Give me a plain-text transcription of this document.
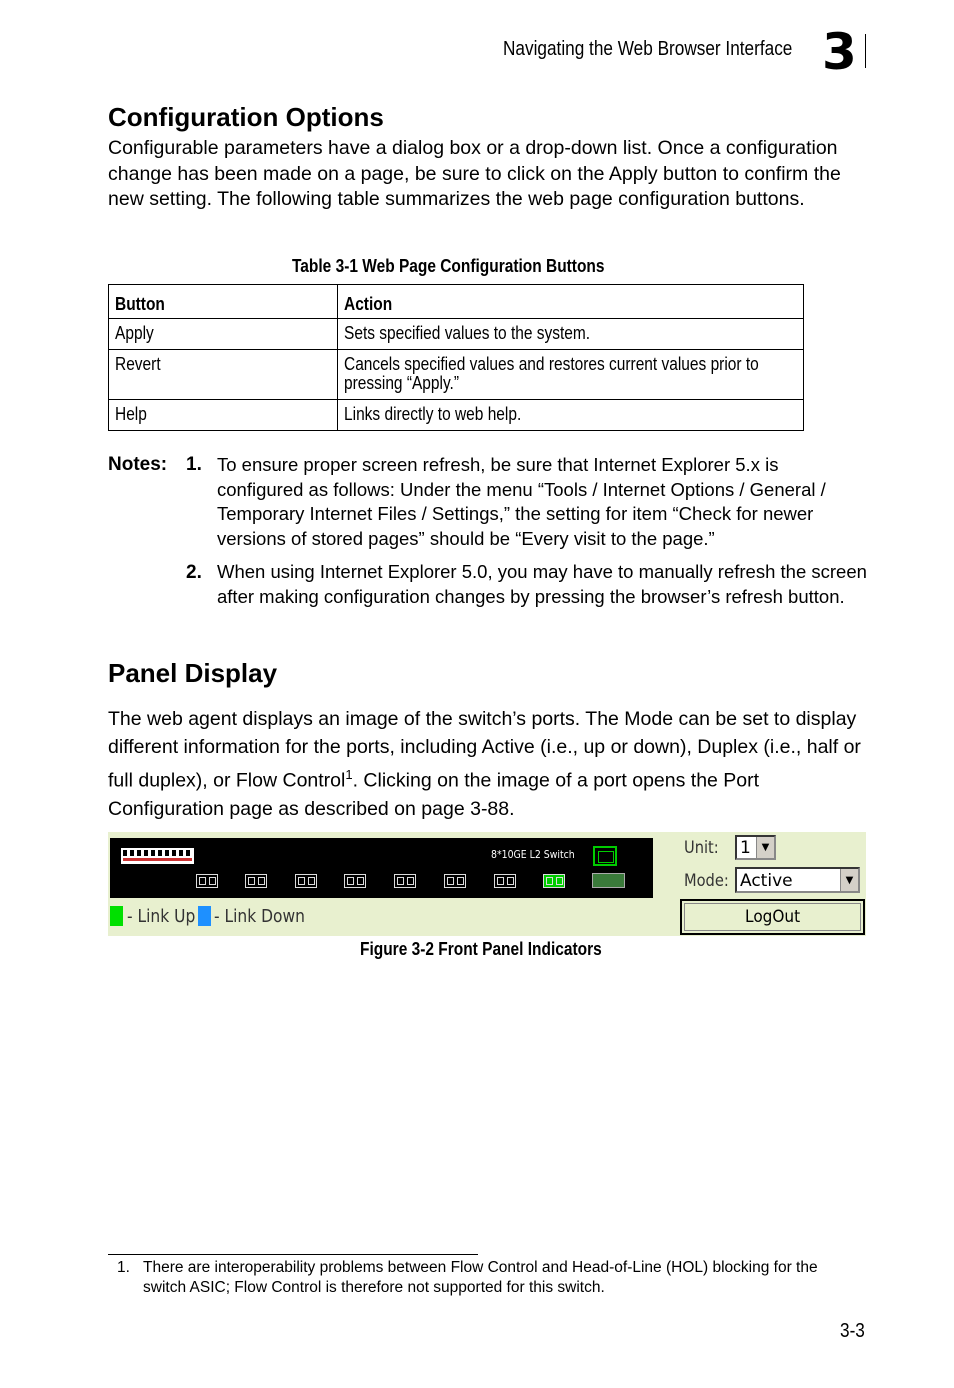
Navigating the Web Browser Interface 3
Configuration Options
Configurable parameters have a dialog box or a drop-down list. Once a configuration change has been made on a page, be sure to click on the Apply button to confirm the new setting. The following table summarizes the web page configuration buttons.
Table 3-1 Web Page Configuration Buttons
Button	Action

Apply	Sets specified values to the system.

Revert	Cancels specified values and restores current values prior to pressing “Apply.”

Help	Links directly to web help.
Notes: 1. To ensure proper screen refresh, be sure that Internet Explorer 5.x is configured as follows: Under the menu “Tools / Internet Options / General / Temporary Internet Files / Settings,” the setting for item “Check for newer versions of stored pages” should be “Every visit to the page.”
2. When using Internet Explorer 5.0, you may have to manually refresh the screen after making configuration changes by pressing the browser’s refresh button.
Panel Display
The web agent displays an image of the switch’s ports. The Mode can be set to display different information for the ports, including Active (i.e., up or down), Duplex (i.e., half or full duplex), or Flow Control$^1$. Clicking on the image of a port opens the Port Configuration page as described on page 3-88.
8*10GE L2 Switch
- Link Up - Link Down
Unit: 1	▼
Mode: Active	▼
LogOut
Figure 3-2 Front Panel Indicators
1. There are interoperability problems between Flow Control and Head-of-Line (HOL) blocking for the switch ASIC; Flow Control is therefore not supported for this switch.
3-3
